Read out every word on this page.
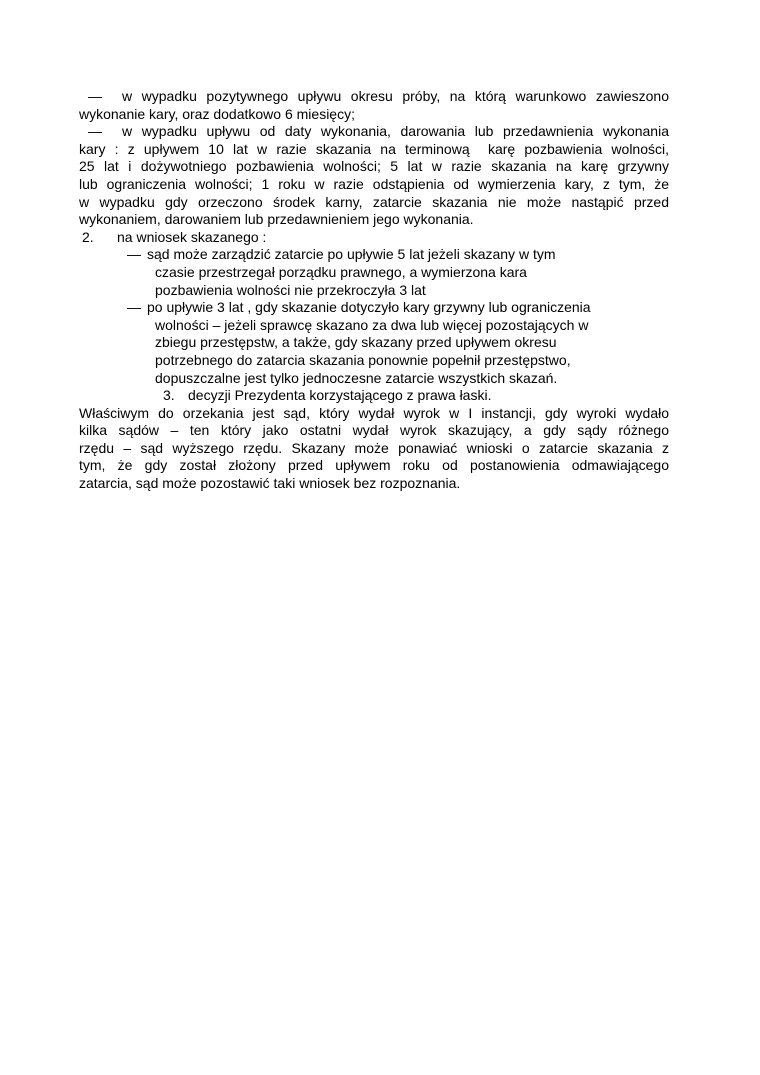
— w wypadku pozytywnego upływu okresu próby, na którą warunkowo zawieszono
wykonanie kary, oraz dodatkowo 6 miesięcy;
— w wypadku upływu od daty wykonania, darowania lub przedawnienia wykonania
kary : z upływem 10 lat w razie skazania na terminową  karę pozbawienia wolności,
25 lat i dożywotniego pozbawienia wolności; 5 lat w razie skazania na karę grzywny
lub ograniczenia wolności; 1 roku w razie odstąpienia od wymierzenia kary, z tym, że
w wypadku gdy orzeczono środek karny, zatarcie skazania nie może nastąpić przed
wykonaniem, darowaniem lub przedawnieniem jego wykonania.
2. na wniosek skazanego :
— sąd może zarządzić zatarcie po upływie 5 lat jeżeli skazany w tym
czasie przestrzegał porządku prawnego, a wymierzona kara
pozbawienia wolności nie przekroczyła 3 lat
— po upływie 3 lat , gdy skazanie dotyczyło kary grzywny lub ograniczenia
wolności – jeżeli sprawcę skazano za dwa lub więcej pozostających w
zbiegu przestępstw, a także, gdy skazany przed upływem okresu
potrzebnego do zatarcia skazania ponownie popełnił przestępstwo,
dopuszczalne jest tylko jednoczesne zatarcie wszystkich skazań.
3. decyzji Prezydenta korzystającego z prawa łaski.
Właściwym do orzekania jest sąd, który wydał wyrok w I instancji, gdy wyroki wydało
kilka sądów – ten który jako ostatni wydał wyrok skazujący, a gdy sądy różnego
rzędu – sąd wyższego rzędu. Skazany może ponawiać wnioski o zatarcie skazania z
tym, że gdy został złożony przed upływem roku od postanowienia odmawiającego
zatarcia, sąd może pozostawić taki wniosek bez rozpoznania.
